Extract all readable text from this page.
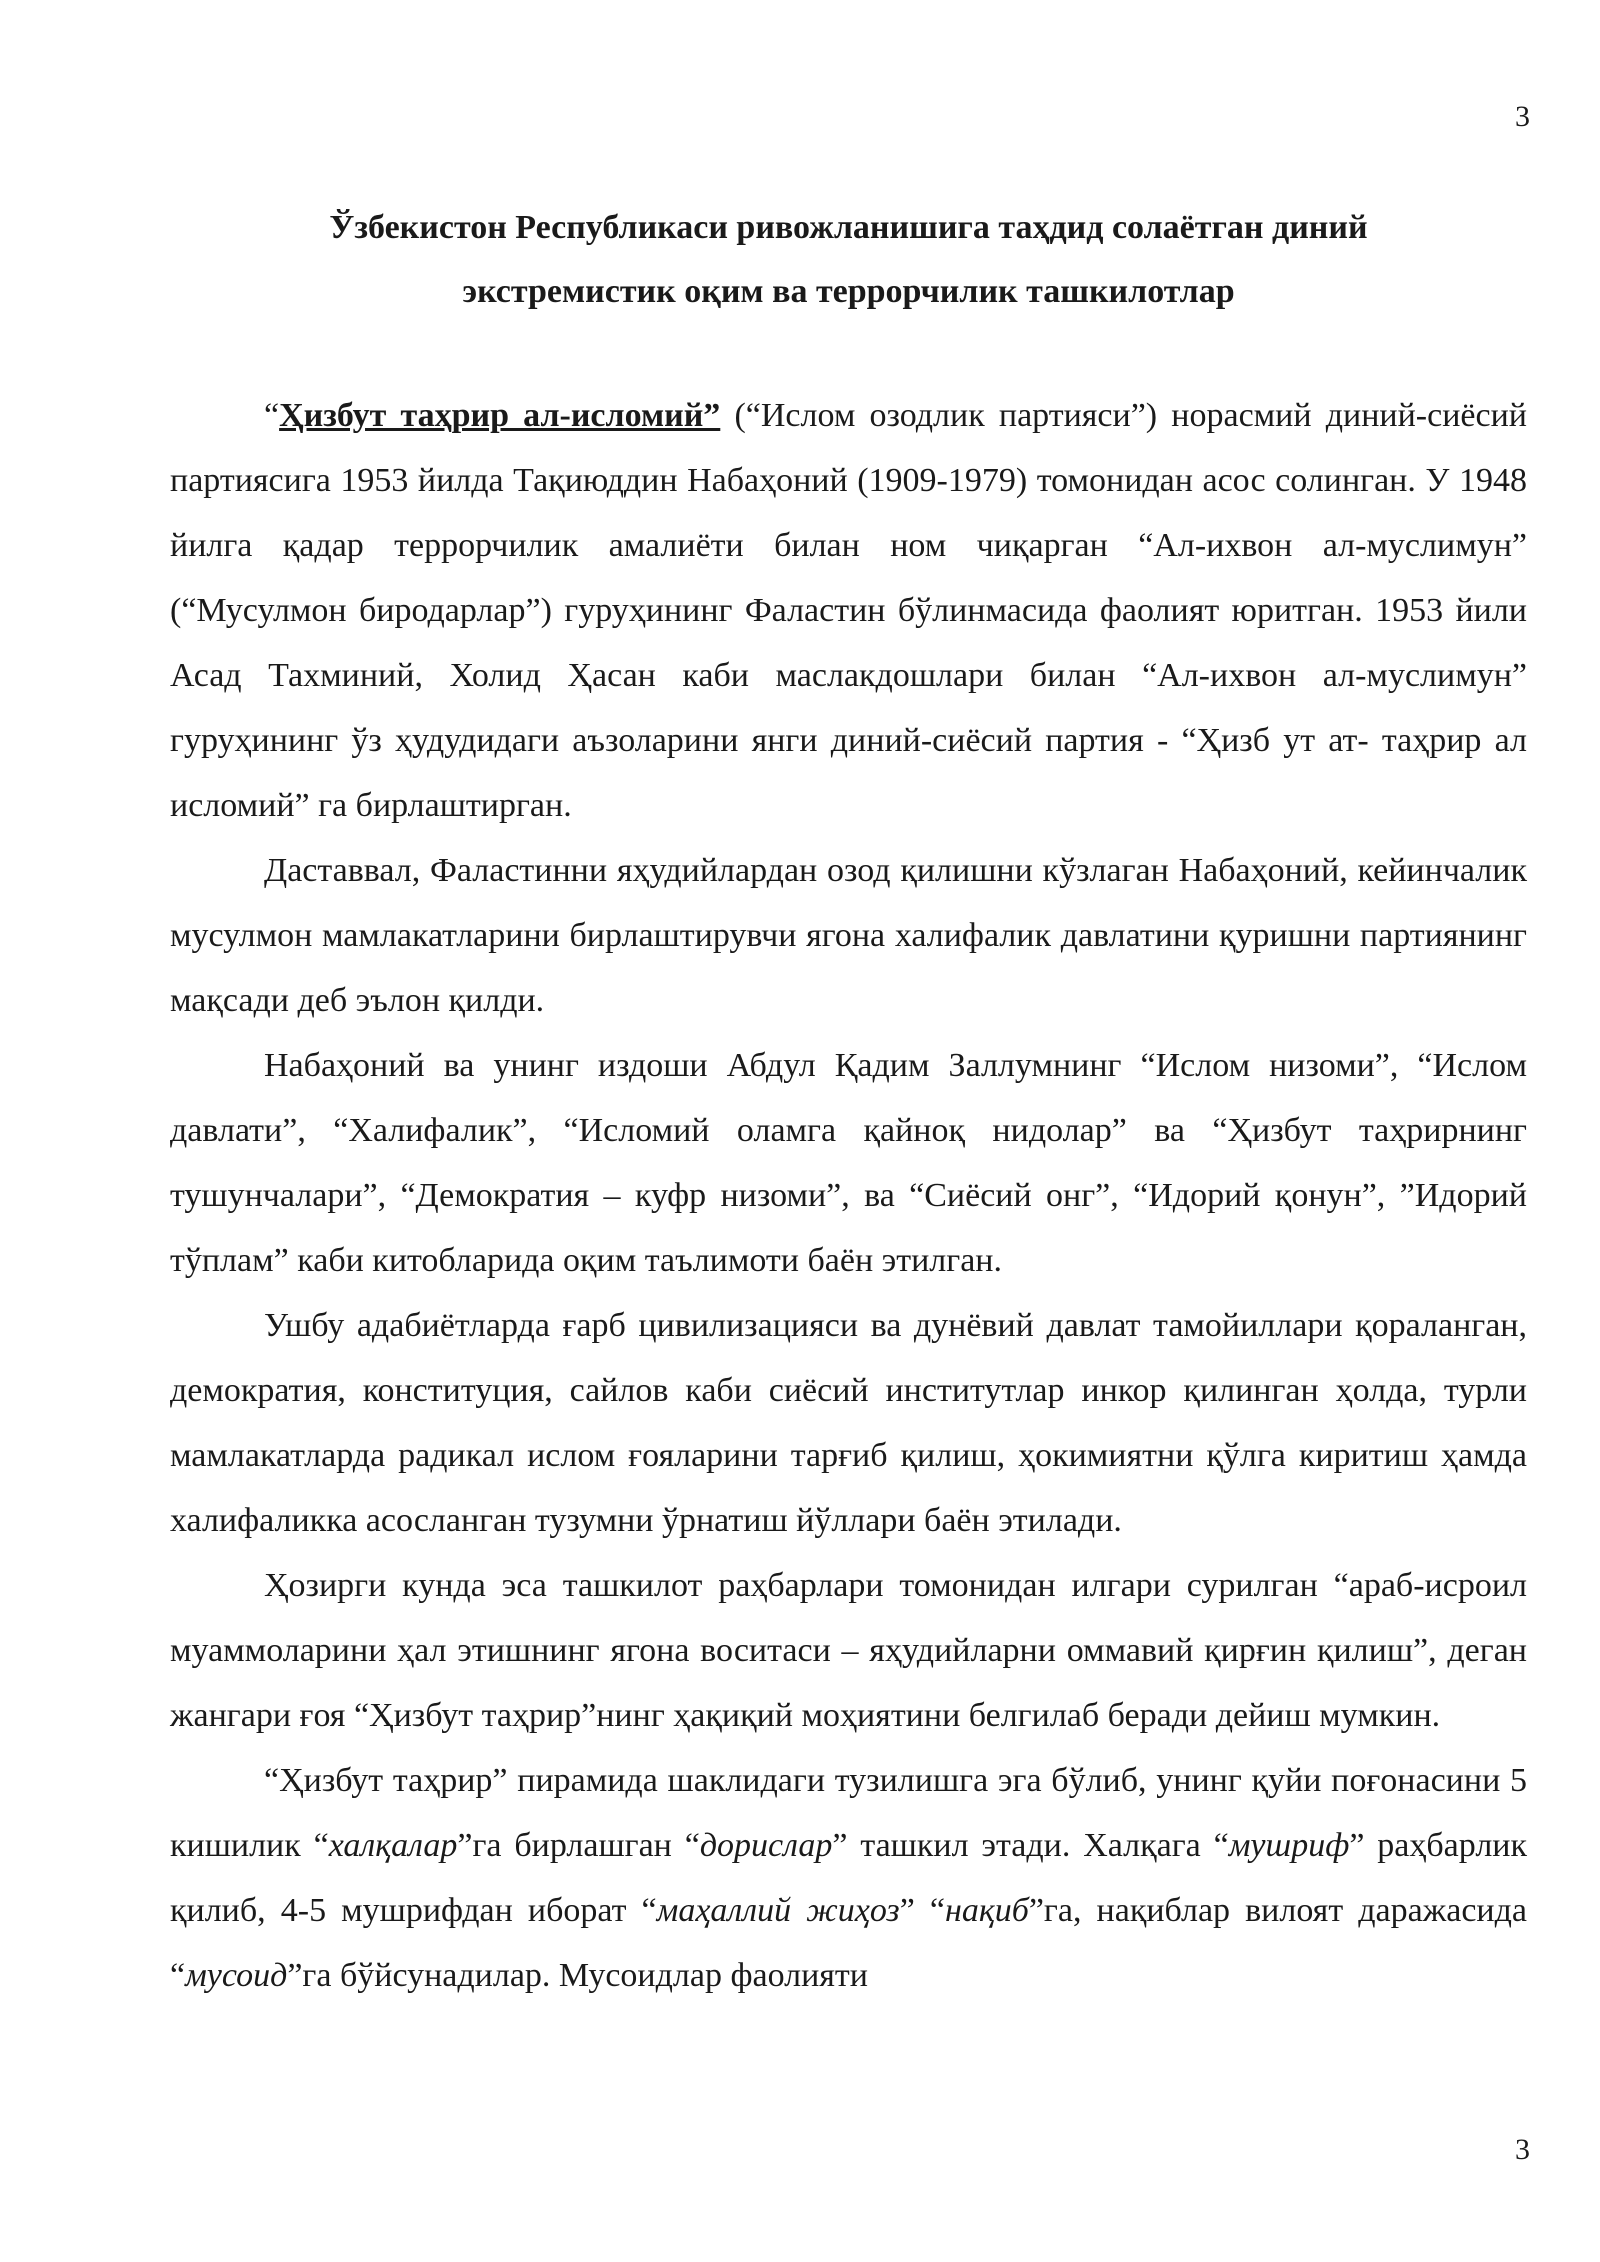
3
Ўзбекистон Республикаси ривожланишига таҳдид солаётган диний
экстремистик оқим ва террорчилик ташкилотлар

“Ҳизбут таҳрир ал-исломий” (“Ислом озодлик партияси”) норасмий диний-сиёсий партиясига 1953 йилда Тақиюддин Набаҳоний (1909-1979) томонидан асос солинган. У 1948 йилга қадар террорчилик амалиёти билан ном чиқарган “Ал-ихвон ал-муслимун” (“Мусулмон биродарлар”) гуруҳининг Фаластин бўлинмасида фаолият юритган. 1953 йили Асад Тахминий, Холид Ҳасан каби маслакдошлари билан “Ал-ихвон ал-муслимун” гуруҳининг ўз ҳудудидаги аъзоларини янги диний-сиёсий партия - “Ҳизб ут ат- таҳрир ал исломий” га бирлаштирган.

Даставвал, Фаластинни яҳудийлардан озод қилишни кўзлаган Набаҳоний, кейинчалик мусулмон мамлакатларини бирлаштирувчи ягона халифалик давлатини қуришни партиянинг мақсади деб эълон қилди.

Набаҳоний ва унинг издоши Абдул Қадим Заллумнинг “Ислом низоми”, “Ислом давлати”, “Халифалик”, “Исломий оламга қайноқ нидолар” ва “Ҳизбут таҳрирнинг тушунчалари”, “Демократия – куфр низоми”, ва “Сиёсий онг”, “Идорий қонун”, ”Идорий тўплам” каби китобларида оқим таълимоти баён этилган.

Ушбу адабиётларда ғарб цивилизацияси ва дунёвий давлат тамойиллари қораланган, демократия, конституция, сайлов каби сиёсий институтлар инкор қилинган ҳолда, турли мамлакатларда радикал ислом ғояларини тарғиб қилиш, ҳокимиятни қўлга киритиш ҳамда халифаликка асосланган тузумни ўрнатиш йўллари баён этилади.

Ҳозирги кунда эса ташкилот раҳбарлари томонидан илгари сурилган “араб-исроил муаммоларини ҳал этишнинг ягона воситаси – яҳудийларни оммавий қирғин қилиш”, деган жангари ғоя “Ҳизбут таҳрир”нинг ҳақиқий моҳиятини белгилаб беради дейиш мумкин.

“Ҳизбут таҳрир” пирамида шаклидаги тузилишга эга бўлиб, унинг қуйи поғонасини 5 кишилик “халқалар”га бирлашган “дорислар” ташкил этади. Халқага “мушриф” раҳбарлик қилиб, 4-5 мушрифдан иборат “маҳаллий жиҳоз” “нақиб”га, нақиблар вилоят даражасида “мусоид”га бўйсунадилар. Мусоидлар фаолияти

3
